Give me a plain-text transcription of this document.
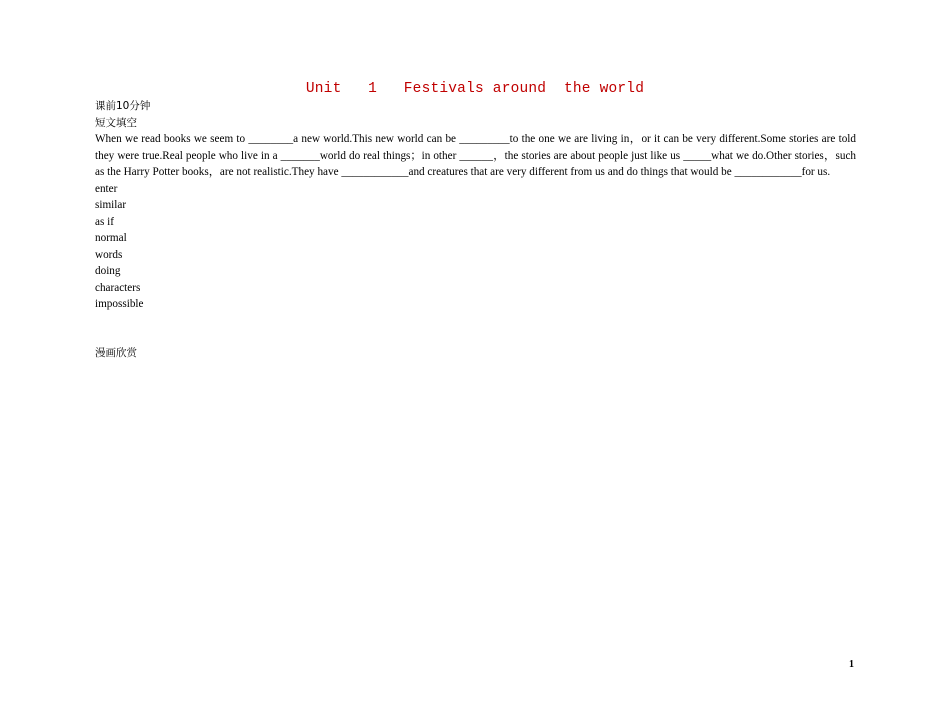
Unit   1   Festivals around  the world
课前10分钟
短文填空
When we read books we seem to ________a new world.This new world can be _________to the one we are living in，or it can be very different.Some stories are told they were true.Real people who live in a _______world do real things；in other ______，the stories are about people just like us _____what we do.Other stories，such as the Harry Potter books，are not realistic.They have ____________and creatures that are very different from us and do things that would be ____________for us.
enter
similar
as if
normal
words
doing
characters
impossible
漫画欣赏
1
